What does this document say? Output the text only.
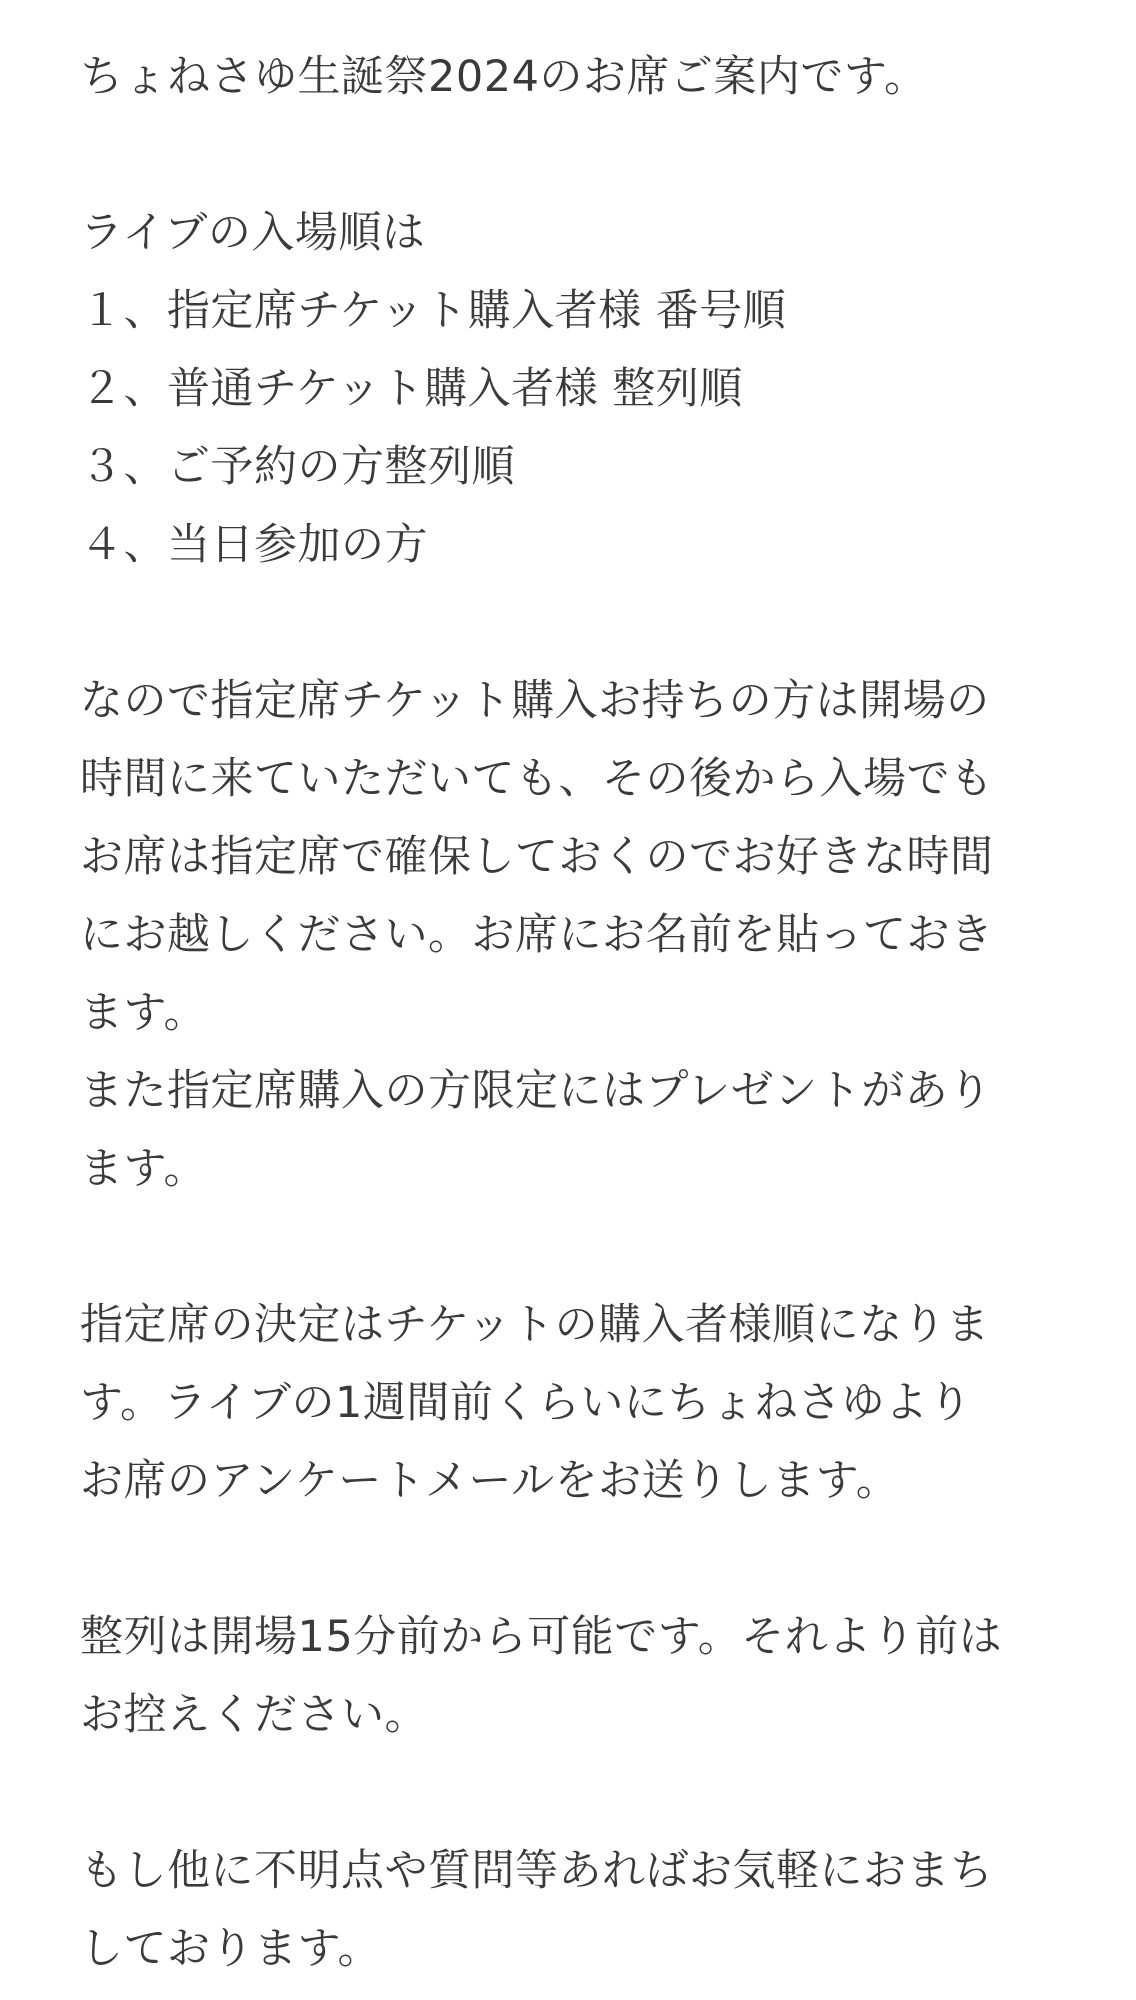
ちょねさゆ生誕祭2024のお席ご案内です。

ライブの入場順は

１、指定席チケット購入者様 番号順

２、普通チケット購入者様 整列順

３、ご予約の方整列順

４、当日参加の方

なので指定席チケット購入お持ちの方は開場の

時間に来ていただいても、その後から入場でも

お席は指定席で確保しておくのでお好きな時間

にお越しください。お席にお名前を貼っておき

ます。

また指定席購入の方限定にはプレゼントがあり

ます。

指定席の決定はチケットの購入者様順になりま

す。ライブの1週間前くらいにちょねさゆより

お席のアンケートメールをお送りします。

整列は開場15分前から可能です。それより前は

お控えください。

もし他に不明点や質問等あればお気軽におまち

しております。
